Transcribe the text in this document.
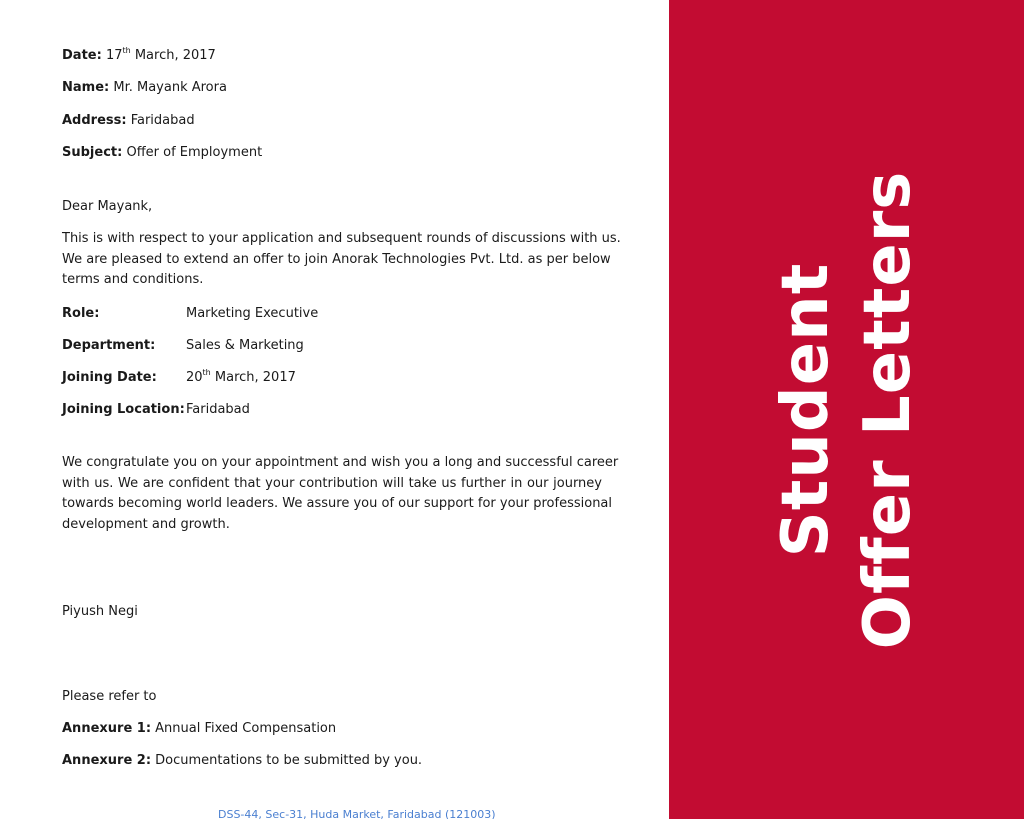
Date: 17th March, 2017
Name: Mr. Mayank Arora
Address: Faridabad
Subject: Offer of Employment
Dear Mayank,
This is with respect to your application and subsequent rounds of discussions with us.
We are pleased to extend an offer to join Anorak Technologies Pvt. Ltd. as per below
terms and conditions.
Role:	Marketing Executive
Department: Sales & Marketing
Joining Date: 20th March, 2017
Joining Location: Faridabad
We congratulate you on your appointment and wish you a long and successful career
with us. We are confident that your contribution will take us further in our journey
towards becoming world leaders. We assure you of our support for your professional
development and growth.
Piyush Negi
Please refer to
Annexure 1: Annual Fixed Compensation
Annexure 2: Documentations to be submitted by you.
DSS-44, Sec-31, Huda Market, Faridabad (121003)
Student Offer Letters
